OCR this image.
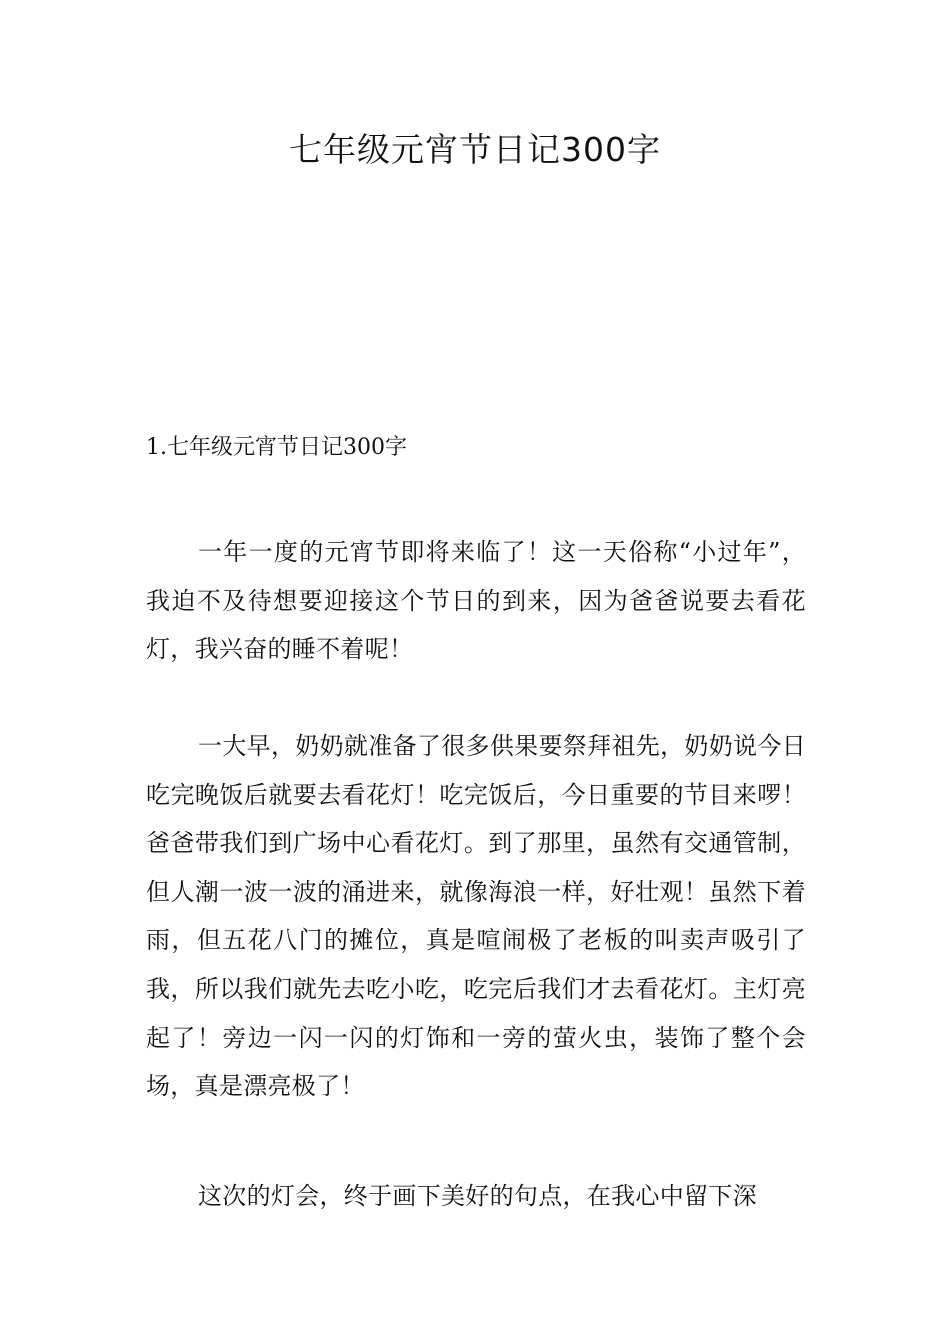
七年级元宵节日记300字
1.七年级元宵节日记300字

一年一度的元宵节即将来临了！这一天俗称“小过年”，我迫不及待想要迎接这个节日的到来，因为爸爸说要去看花灯，我兴奋的睡不着呢！

一大早，奶奶就准备了很多供果要祭拜祖先，奶奶说今日吃完晚饭后就要去看花灯！吃完饭后，今日重要的节目来啰！爸爸带我们到广场中心看花灯。到了那里，虽然有交通管制，但人潮一波一波的涌进来，就像海浪一样，好壮观！虽然下着雨，但五花八门的摊位，真是喧闹极了老板的叫卖声吸引了我，所以我们就先去吃小吃，吃完后我们才去看花灯。主灯亮起了！旁边一闪一闪的灯饰和一旁的萤火虫，装饰了整个会场，真是漂亮极了！

这次的灯会，终于画下美好的句点，在我心中留下深
